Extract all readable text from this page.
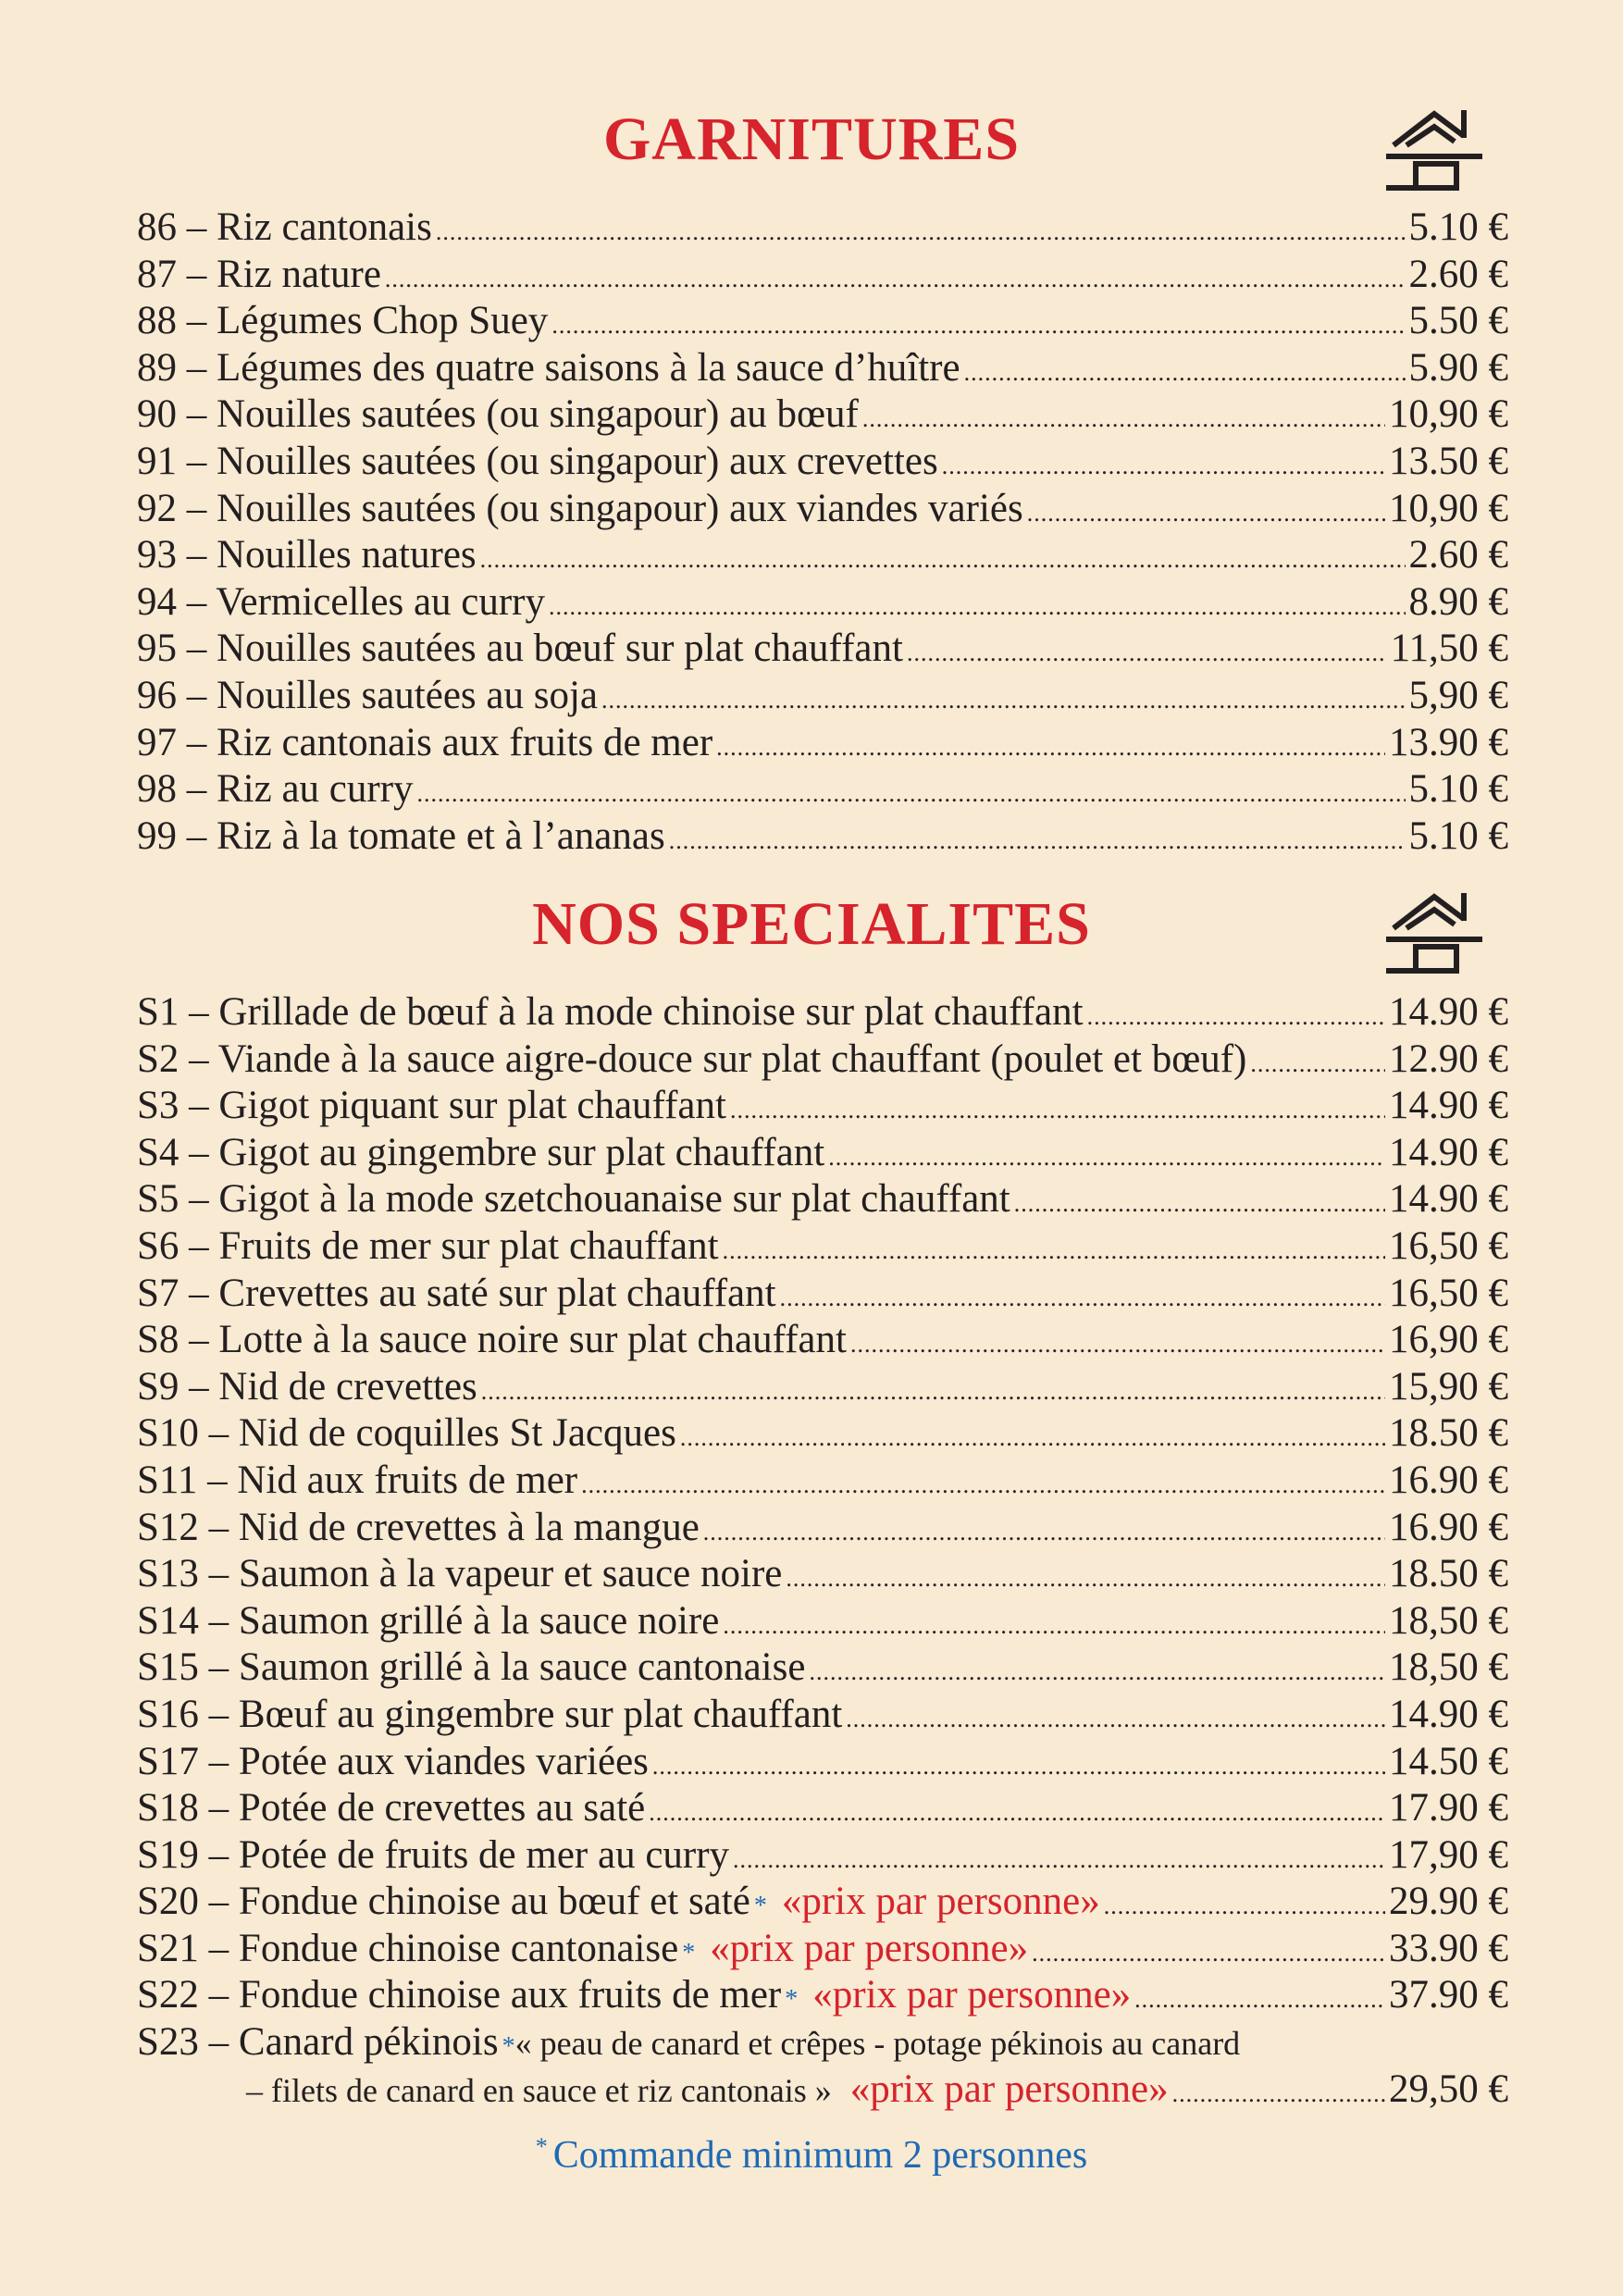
GARNITURES
86 – Riz cantonais .....	5.10 €
87 – Riz nature .....	2.60 €
88 – Légumes Chop Suey .....	5.50 €
89 – Légumes des quatre saisons à la sauce d’huître .....	5.90 €
90 – Nouilles sautées (ou singapour) au bœuf .....	10,90 €
91 – Nouilles sautées (ou singapour) aux crevettes .....	13.50 €
92 – Nouilles sautées (ou singapour) aux viandes variés .....	10,90 €
93 – Nouilles natures .....	2.60 €
94 – Vermicelles au curry .....	8.90 €
95 – Nouilles sautées au bœuf sur plat chauffant .....	11,50 €
96 – Nouilles sautées au soja .....	5,90 €
97 – Riz cantonais aux fruits de mer .....	13.90 €
98 – Riz au curry .....	5.10 €
99 – Riz à la tomate et à l’ananas .....	5.10 €
NOS SPECIALITES
S1 – Grillade de bœuf à la mode chinoise sur plat chauffant .....	14.90 €
S2 – Viande à la sauce aigre-douce sur plat chauffant (poulet et bœuf) .....	12.90 €
S3 – Gigot piquant sur plat chauffant .....	14.90 €
S4 – Gigot au gingembre sur plat chauffant .....	14.90 €
S5 – Gigot à la mode szetchouanaise sur plat chauffant .....	14.90 €
S6 – Fruits de mer sur plat chauffant .....	16,50 €
S7 – Crevettes au saté sur plat chauffant .....	16,50 €
S8 – Lotte à la sauce noire sur plat chauffant .....	16,90 €
S9 – Nid de crevettes .....	15,90 €
S10 – Nid de coquilles St Jacques .....	18.50 €
S11 – Nid aux fruits de mer .....	16.90 €
S12 – Nid de crevettes à la mangue .....	16.90 €
S13 – Saumon à la vapeur et sauce noire .....	18.50 €
S14 – Saumon grillé à la sauce noire .....	18,50 €
S15 – Saumon grillé à la sauce cantonaise .....	18,50 €
S16 – Bœuf au gingembre sur plat chauffant .....	14.90 €
S17 – Potée aux viandes variées .....	14.50 €
S18 – Potée de crevettes au saté .....	17.90 €
S19 – Potée de fruits de mer au curry .....	17,90 €
S20 – Fondue chinoise au bœuf et saté * «prix par personne» .....	29.90 €
S21 – Fondue chinoise cantonaise * «prix par personne» .....	33.90 €
S22 – Fondue chinoise aux fruits de mer * «prix par personne» .....	37.90 €
S23 – Canard pékinois * « peau de canard et crêpes - potage pékinois au canard
– filets de canard en sauce et riz cantonais » «prix par personne» .....	29,50 €

* Commande minimum 2 personnes
